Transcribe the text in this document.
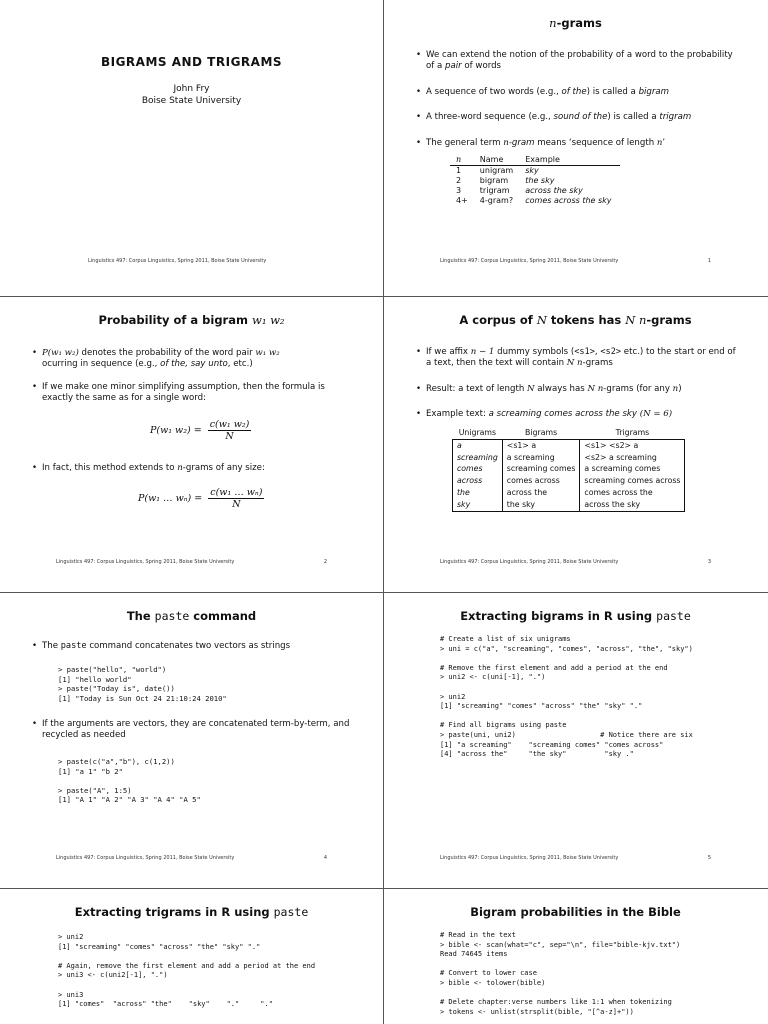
BIGRAMS AND TRIGRAMS
John Fry
Boise State University
Linguistics 497: Corpus Linguistics, Spring 2011, Boise State University
n-grams
• We can extend the notion of the probability of a word to the probability of a pair of words
• A sequence of two words (e.g., of the) is called a bigram
• A three-word sequence (e.g., sound of the) is called a trigram
• The general term n-gram means ‘sequence of length n’
n	Name	Example
1	unigram	sky
2	bigram	the sky
3	trigram	across the sky
4+	4-gram?	comes across the sky
Linguistics 497: Corpus Linguistics, Spring 2011, Boise State University	1
Probability of a bigram w₁ w₂
• P(w₁ w₂) denotes the probability of the word pair w₁ w₂
ocurring in sequence (e.g., of the, say unto, etc.)
• If we make one minor simplifying assumption, then the formula is exactly the same as for a single word:
P(w₁ $w_2) = \frac{\text{c(w₁ w₂)}}{N}$
• In fact, this method extends to n-grams of any size:
P(w₁ … $w_n) = \frac{\text{c(w₁ … wₙ)}}{N}$
Linguistics 497: Corpus Linguistics, Spring 2011, Boise State University	2
A corpus of N tokens has N n-grams
• If we affix n − 1 dummy symbols (<s1>, <s2> etc.) to the start or end of a text, then the text will contain N n-grams
• Result: a text of length N always has N n-grams (for any n)
• Example text: a screaming comes across the sky (N = 6)
Unigrams	Bigrams	Trigrams
a	<s1> a	<s1> <s2> a
screaming	a screaming	<s2> a screaming
comes	screaming comes	a screaming comes
across	comes across	screaming comes across
the	across the	comes across the
sky	the sky	across the sky
Linguistics 497: Corpus Linguistics, Spring 2011, Boise State University	3
The paste command
• The paste command concatenates two vectors as strings
> paste("hello", "world")
[1] "hello world"
> paste("Today is", date())
[1] "Today is Sun Oct 24 21:10:24 2010"
• If the arguments are vectors, they are concatenated term-by-term, and recycled as needed
> paste(c("a","b"), c(1,2))
[1] "a 1" "b 2"

> paste("A", 1:5)
[1] "A 1" "A 2" "A 3" "A 4" "A 5"
Linguistics 497: Corpus Linguistics, Spring 2011, Boise State University	4
Extracting bigrams in R using paste
# Create a list of six unigrams
> uni = c("a", "screaming", "comes", "across", "the", "sky")

# Remove the first element and add a period at the end
> uni2 <- c(uni[-1], ".")

> uni2
[1] "screaming" "comes" "across" "the" "sky" "."

# Find all bigrams using paste
> paste(uni, uni2)                    # Notice there are six
[1] "a screaming"    "screaming comes" "comes across"
[4] "across the"     "the sky"         "sky ."
Linguistics 497: Corpus Linguistics, Spring 2011, Boise State University	5
Extracting trigrams in R using paste
> uni2
[1] "screaming" "comes" "across" "the" "sky" "."

# Again, remove the first element and add a period at the end
> uni3 <- c(uni2[-1], ".")

> uni3
[1] "comes"  "across" "the"    "sky"    "."     "."
Bigram probabilities in the Bible
# Read in the text
> bible <- scan(what="c", sep="\n", file="bible-kjv.txt")
Read 74645 items

# Convert to lower case
> bible <- tolower(bible)

# Delete chapter:verse numbers like 1:1 when tokenizing
> tokens <- unlist(strsplit(bible, "[^a-z]+"))
